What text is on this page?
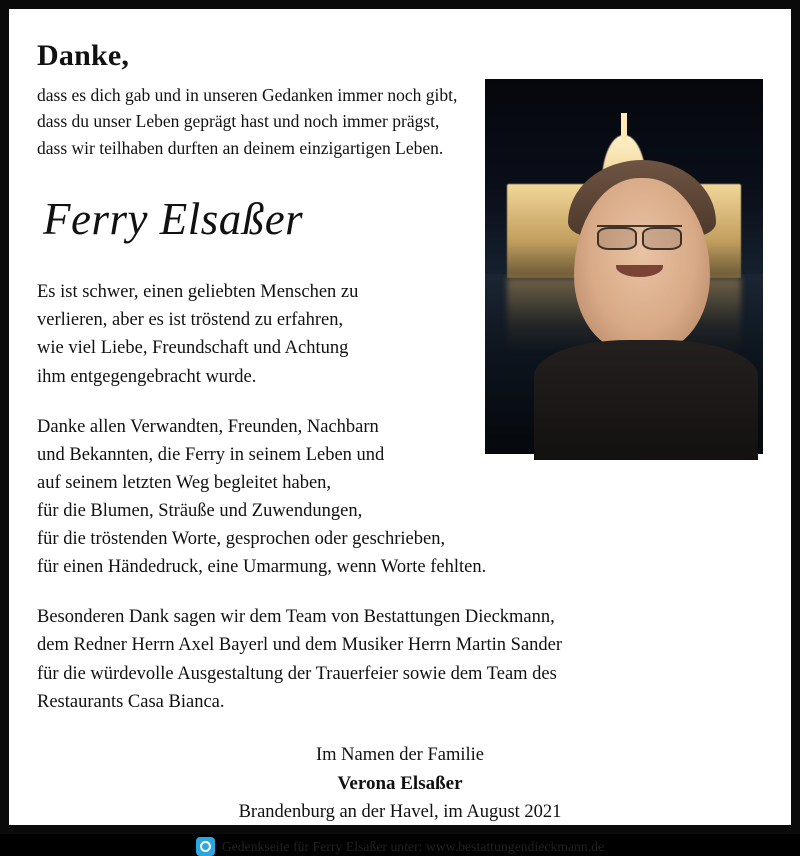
Danke,
dass es dich gab und in unseren Gedanken immer noch gibt,
dass du unser Leben geprägt hast und noch immer prägst,
dass wir teilhaben durften an deinem einzigartigen Leben.
Ferry Elsaßer
Es ist schwer, einen geliebten Menschen zu
verlieren, aber es ist tröstend zu erfahren,
wie viel Liebe, Freundschaft und Achtung
ihm entgegengebracht wurde.
Danke allen Verwandten, Freunden, Nachbarn
und Bekannten, die Ferry in seinem Leben und
auf seinem letzten Weg begleitet haben,
für die Blumen, Sträuße und Zuwendungen,
für die tröstenden Worte, gesprochen oder geschrieben,
für einen Händedruck, eine Umarmung, wenn Worte fehlten.
Besonderen Dank sagen wir dem Team von Bestattungen Dieckmann,
dem Redner Herrn Axel Bayerl und dem Musiker Herrn Martin Sander
für die würdevolle Ausgestaltung der Trauerfeier sowie dem Team des
Restaurants Casa Bianca.
Im Namen der Familie
Verona Elsaßer
Brandenburg an der Havel, im August 2021
Gedenkseite für Ferry Elsaßer unter: www.bestattungendieckmann.de
